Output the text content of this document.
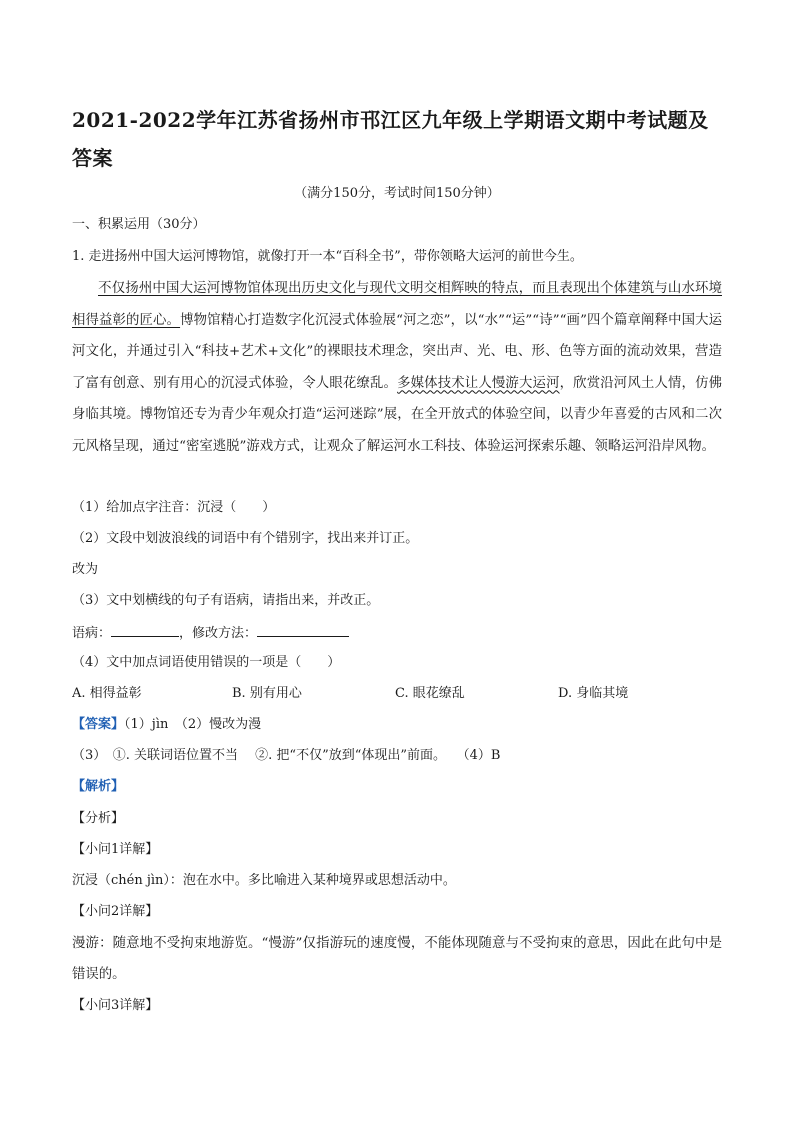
2021-2022学年江苏省扬州市邗江区九年级上学期语文期中考试题及
答案
（满分150分，考试时间150分钟）
一、积累运用（30分）
1. 走进扬州中国大运河博物馆，就像打开一本“百科全书”，带你领略大运河的前世今生。
不仅扬州中国大运河博物馆体现出历史文化与现代文明交相辉映的特点，而且表现出个体建筑与山水环境相得益彰的匠心。博物馆精心打造数字化沉浸式体验展“河之恋”，以“水”“运”“诗”“画”四个篇章阐释中国大运河文化，并通过引入“科技+艺术+文化”的裸眼技术理念，突出声、光、电、形、色等方面的流动效果，营造了富有创意、别有用心的沉浸式体验，令人眼花缭乱。多媒体技术让人慢游大运河，欣赏沿河风土人情，仿佛身临其境。博物馆还专为青少年观众打造“运河迷踪”展，在全开放式的体验空间，以青少年喜爱的古风和二次元风格呈现，通过“密室逃脱”游戏方式，让观众了解运河水工科技、体验运河探索乐趣、领略运河沿岸风物。
（1）给加点字注音：沉浸（　　）
（2）文段中划波浪线的词语中有个错别字，找出来并订正。
改为
（3）文中划横线的句子有语病，请指出来，并改正。
语病：	，修改方法：
（4）文中加点词语使用错误的一项是（　　）
A. 相得益彰	B. 别有用心	C. 眼花缭乱	D. 身临其境
【答案】（1）jìn　（2）慢改为漫
（3）　①. 关联词语位置不当　 ②. 把“不仅”放到“体现出”前面。　 （4）B
【解析】
【分析】
【小问1详解】
沉浸（chén jìn）：泡在水中。多比喻进入某种境界或思想活动中。
【小问2详解】
漫游：随意地不受拘束地游览。“慢游”仅指游玩的速度慢，不能体现随意与不受拘束的意思，因此在此句中是错误的。
【小问3详解】
